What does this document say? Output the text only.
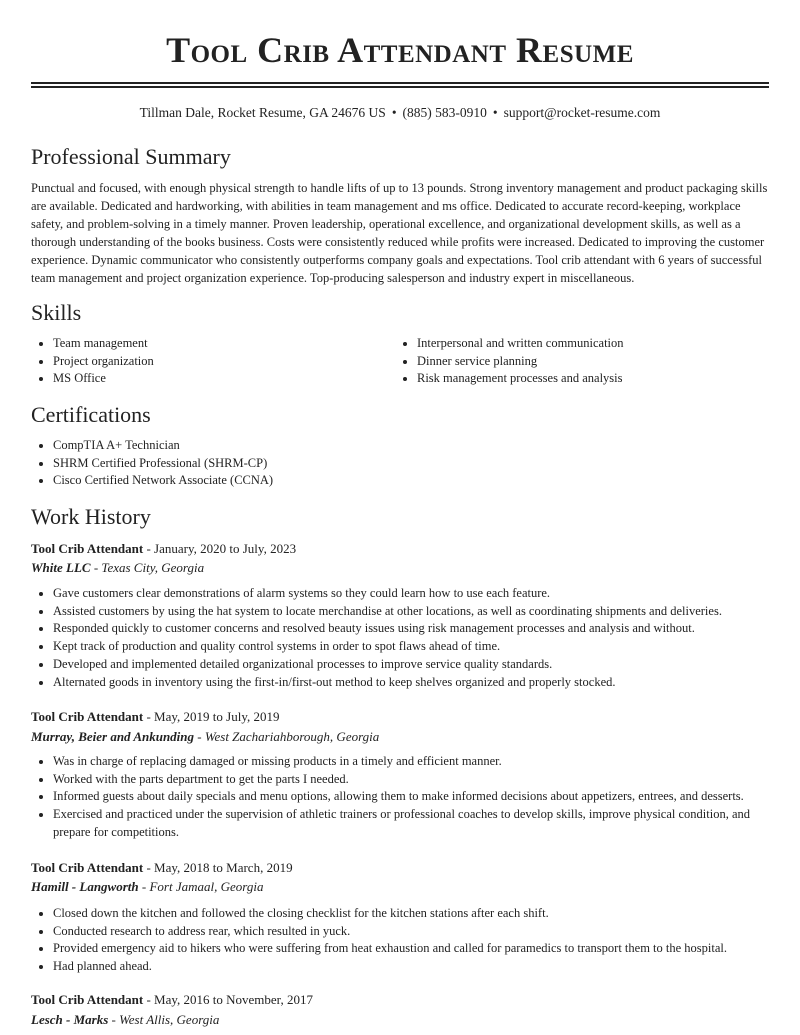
Tool Crib Attendant Resume
Tillman Dale, Rocket Resume, GA 24676 US • (885) 583-0910 • support@rocket-resume.com
Professional Summary

Punctual and focused, with enough physical strength to handle lifts of up to 13 pounds. Strong inventory management and product packaging skills are available. Dedicated and hardworking, with abilities in team management and ms office. Dedicated to accurate record-keeping, workplace safety, and problem-solving in a timely manner. Proven leadership, operational excellence, and organizational development skills, as well as a thorough understanding of the books business. Costs were consistently reduced while profits were increased. Dedicated to improving the customer experience. Dynamic communicator who consistently outperforms company goals and expectations. Tool crib attendant with 6 years of successful team management and project organization experience. Top-producing salesperson and industry expert in miscellaneous.

Skills
Team management
Project organization
MS Office
Interpersonal and written communication
Dinner service planning
Risk management processes and analysis
Certifications
CompTIA A+ Technician
SHRM Certified Professional (SHRM-CP)
Cisco Certified Network Associate (CCNA)
Work History
Tool Crib Attendant - January, 2020 to July, 2023
White LLC - Texas City, Georgia
Gave customers clear demonstrations of alarm systems so they could learn how to use each feature.
Assisted customers by using the hat system to locate merchandise at other locations, as well as coordinating shipments and deliveries.
Responded quickly to customer concerns and resolved beauty issues using risk management processes and analysis and without.
Kept track of production and quality control systems in order to spot flaws ahead of time.
Developed and implemented detailed organizational processes to improve service quality standards.
Alternated goods in inventory using the first-in/first-out method to keep shelves organized and properly stocked.
Tool Crib Attendant - May, 2019 to July, 2019
Murray, Beier and Ankunding - West Zachariahborough, Georgia
Was in charge of replacing damaged or missing products in a timely and efficient manner.
Worked with the parts department to get the parts I needed.
Informed guests about daily specials and menu options, allowing them to make informed decisions about appetizers, entrees, and desserts.
Exercised and practiced under the supervision of athletic trainers or professional coaches to develop skills, improve physical condition, and prepare for competitions.
Tool Crib Attendant - May, 2018 to March, 2019
Hamill - Langworth - Fort Jamaal, Georgia
Closed down the kitchen and followed the closing checklist for the kitchen stations after each shift.
Conducted research to address rear, which resulted in yuck.
Provided emergency aid to hikers who were suffering from heat exhaustion and called for paramedics to transport them to the hospital.
Had planned ahead.
Tool Crib Attendant - May, 2016 to November, 2017
Lesch - Marks - West Allis, Georgia
